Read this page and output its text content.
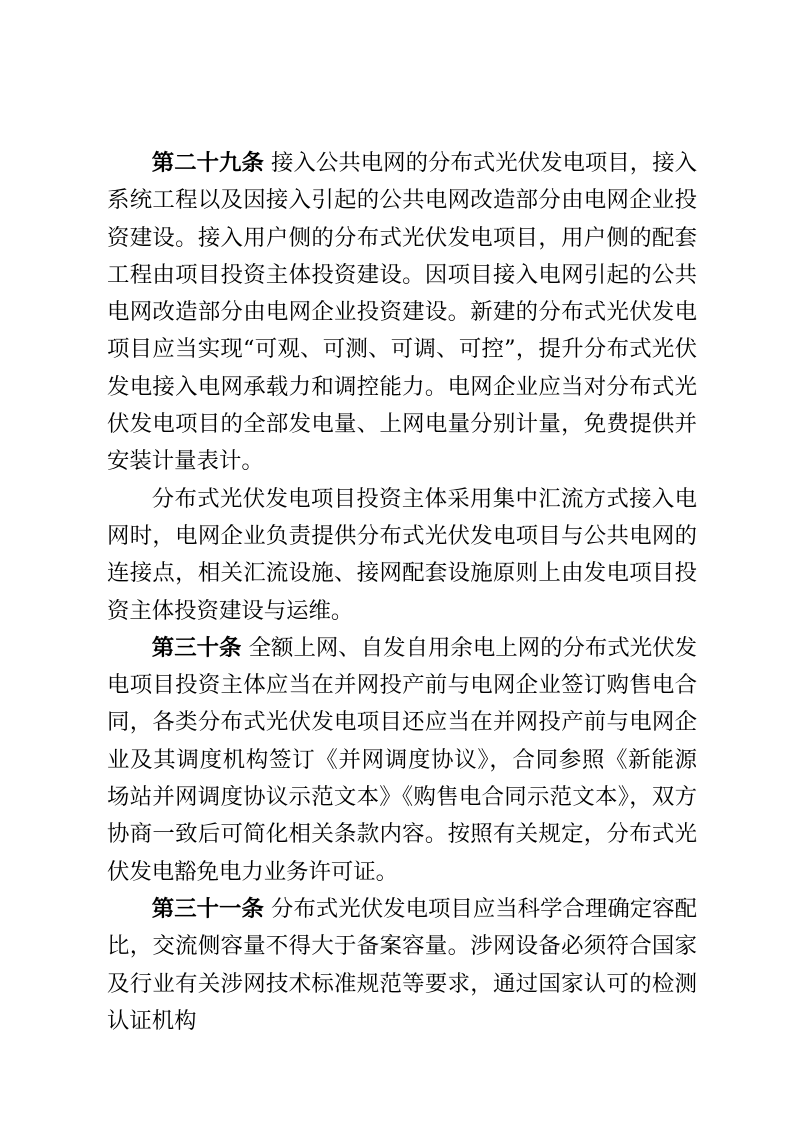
第二十九条 接入公共电网的分布式光伏发电项目，接入系统工程以及因接入引起的公共电网改造部分由电网企业投资建设。接入用户侧的分布式光伏发电项目，用户侧的配套工程由项目投资主体投资建设。因项目接入电网引起的公共电网改造部分由电网企业投资建设。新建的分布式光伏发电项目应当实现“可观、可测、可调、可控”，提升分布式光伏发电接入电网承载力和调控能力。电网企业应当对分布式光伏发电项目的全部发电量、上网电量分别计量，免费提供并安装计量表计。

分布式光伏发电项目投资主体采用集中汇流方式接入电网时，电网企业负责提供分布式光伏发电项目与公共电网的连接点，相关汇流设施、接网配套设施原则上由发电项目投资主体投资建设与运维。

第三十条 全额上网、自发自用余电上网的分布式光伏发电项目投资主体应当在并网投产前与电网企业签订购售电合同，各类分布式光伏发电项目还应当在并网投产前与电网企业及其调度机构签订《并网调度协议》，合同参照《新能源场站并网调度协议示范文本》《购售电合同示范文本》，双方协商一致后可简化相关条款内容。按照有关规定，分布式光伏发电豁免电力业务许可证。

第三十一条 分布式光伏发电项目应当科学合理确定容配比，交流侧容量不得大于备案容量。涉网设备必须符合国家及行业有关涉网技术标准规范等要求，通过国家认可的检测认证机构
